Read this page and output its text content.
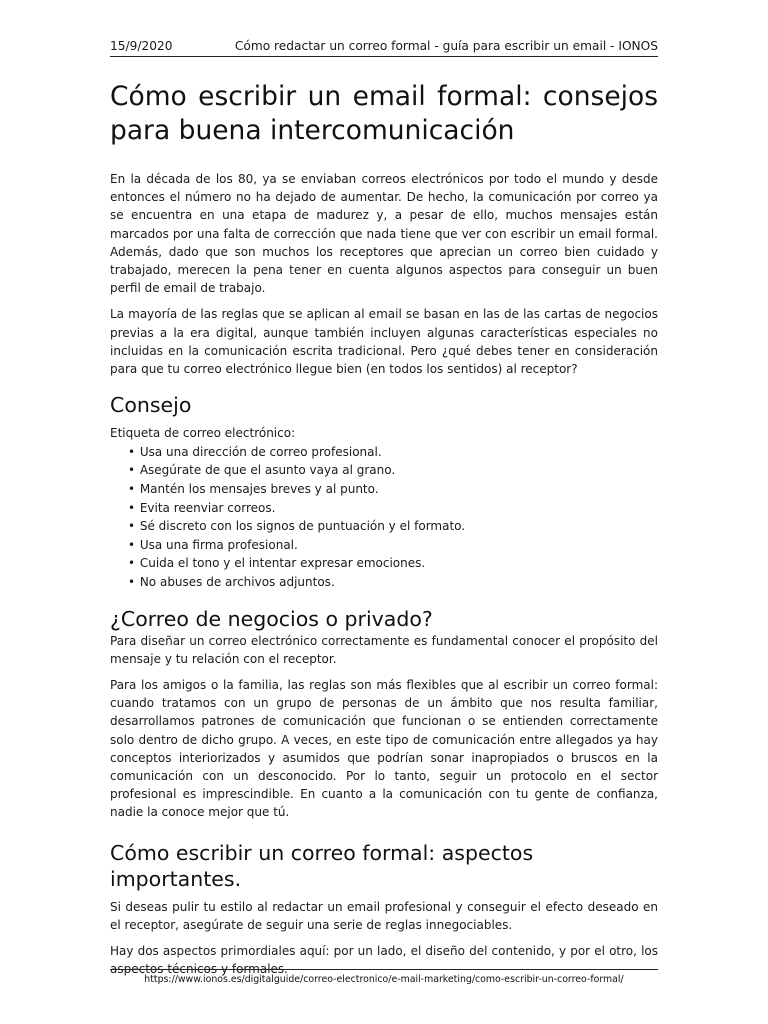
15/9/2020	Cómo redactar un correo formal - guía para escribir un email - IONOS
Cómo escribir un email formal: consejos para buena intercomunicación

En la década de los 80, ya se enviaban correos electrónicos por todo el mundo y desde entonces el número no ha dejado de aumentar. De hecho, la comunicación por correo ya se encuentra en una etapa de madurez y, a pesar de ello, muchos mensajes están marcados por una falta de corrección que nada tiene que ver con escribir un email formal. Además, dado que son muchos los receptores que aprecian un correo bien cuidado y trabajado, merecen la pena tener en cuenta algunos aspectos para conseguir un buen perfil de email de trabajo.

La mayoría de las reglas que se aplican al email se basan en las de las cartas de negocios previas a la era digital, aunque también incluyen algunas características especiales no incluidas en la comunicación escrita tradicional. Pero ¿qué debes tener en consideración para que tu correo electrónico llegue bien (en todos los sentidos) al receptor?

Consejo

Etiqueta de correo electrónico:

• Usa una dirección de correo profesional.
• Asegúrate de que el asunto vaya al grano.
• Mantén los mensajes breves y al punto.
• Evita reenviar correos.
• Sé discreto con los signos de puntuación y el formato.
• Usa una firma profesional.
• Cuida el tono y el intentar expresar emociones.
• No abuses de archivos adjuntos.
¿Correo de negocios o privado?

Para diseñar un correo electrónico correctamente es fundamental conocer el propósito del mensaje y tu relación con el receptor.

Para los amigos o la familia, las reglas son más flexibles que al escribir un correo formal: cuando tratamos con un grupo de personas de un ámbito que nos resulta familiar, desarrollamos patrones de comunicación que funcionan o se entienden correctamente solo dentro de dicho grupo. A veces, en este tipo de comunicación entre allegados ya hay conceptos interiorizados y asumidos que podrían sonar inapropiados o bruscos en la comunicación con un desconocido. Por lo tanto, seguir un protocolo en el sector profesional es imprescindible. En cuanto a la comunicación con tu gente de confianza, nadie la conoce mejor que tú.

Cómo escribir un correo formal: aspectos importantes.

Si deseas pulir tu estilo al redactar un email profesional y conseguir el efecto deseado en el receptor, asegúrate de seguir una serie de reglas innegociables.

Hay dos aspectos primordiales aquí: por un lado, el diseño del contenido, y por el otro, los aspectos técnicos y formales.

https://www.ionos.es/digitalguide/correo-electronico/e-mail-marketing/como-escribir-un-correo-formal/
